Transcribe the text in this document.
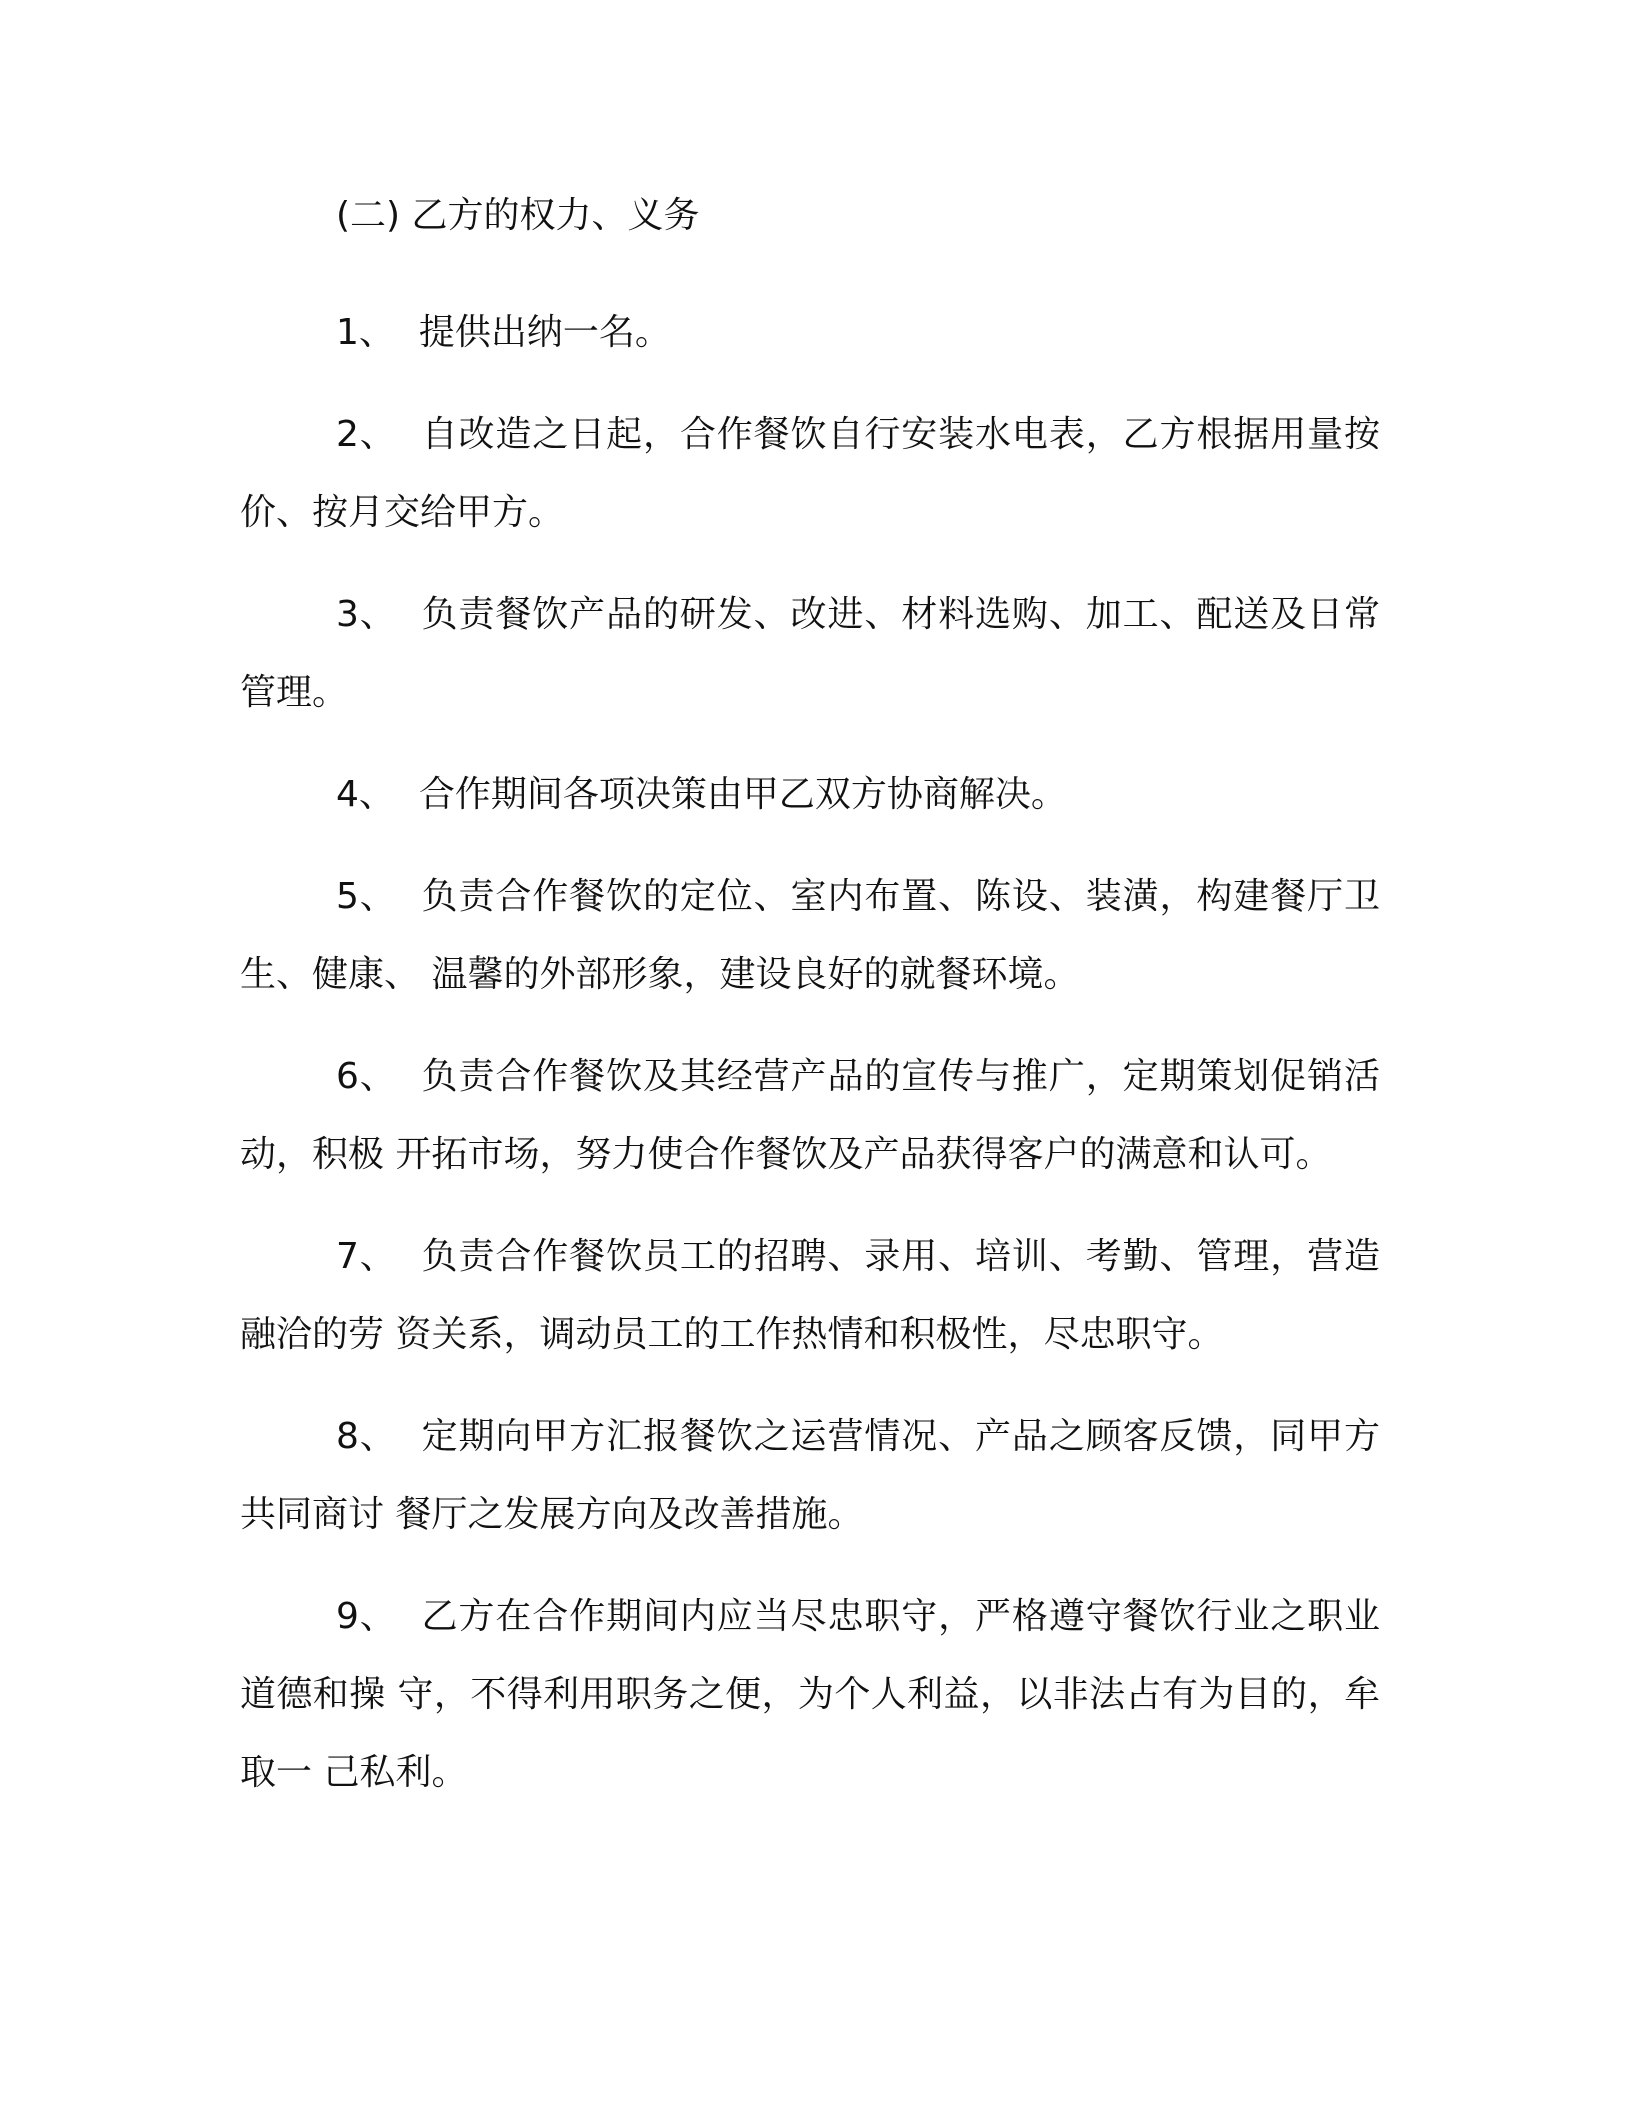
(二) 乙方的权力、义务

1、 提供出纳一名。

2、 自改造之日起，合作餐饮自行安装水电表，乙方根据用量按价、按月交给甲方。

3、 负责餐饮产品的研发、改进、材料选购、加工、配送及日常管理。

4、 合作期间各项决策由甲乙双方协商解决。

5、 负责合作餐饮的定位、室内布置、陈设、装潢，构建餐厅卫生、健康、 温馨的外部形象，建设良好的就餐环境。

6、 负责合作餐饮及其经营产品的宣传与推广，定期策划促销活动，积极 开拓市场，努力使合作餐饮及产品获得客户的满意和认可。

7、 负责合作餐饮员工的招聘、录用、培训、考勤、管理，营造融洽的劳 资关系，调动员工的工作热情和积极性，尽忠职守。

8、 定期向甲方汇报餐饮之运营情况、产品之顾客反馈，同甲方共同商讨 餐厅之发展方向及改善措施。

9、 乙方在合作期间内应当尽忠职守，严格遵守餐饮行业之职业道德和操 守，不得利用职务之便，为个人利益，以非法占有为目的，牟取一 己私利。
